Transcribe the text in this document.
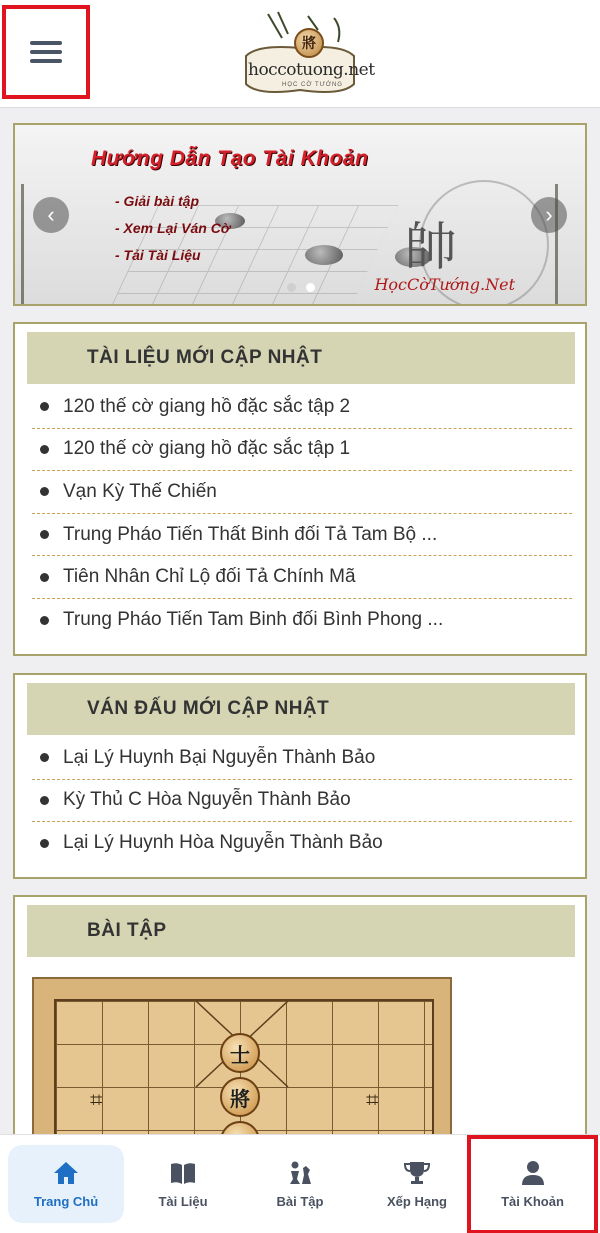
將
hoccotuong.net
HỌC CỜ TƯỚNG
Hướng Dẫn Tạo Tài Khoản
- Giải bài tập
- Xem Lại Ván Cờ
- Tải Tài Liệu	帥
HọcCờTướng.Net
‹	›
TÀI LIỆU MỚI CẬP NHẬT
120 thế cờ giang hồ đặc sắc tập 2
120 thế cờ giang hồ đặc sắc tập 1
Vạn Kỳ Thế Chiến
Trung Pháo Tiến Thất Binh đối Tả Tam Bộ ...
Tiên Nhân Chỉ Lộ đối Tả Chính Mã
Trung Pháo Tiến Tam Binh đối Bình Phong ...
VÁN ĐẤU MỚI CẬP NHẬT
Lại Lý Huynh Bại Nguyễn Thành Bảo
Kỳ Thủ C Hòa Nguyễn Thành Bảo
Lại Lý Huynh Hòa Nguyễn Thành Bảo
BÀI TẬP
⌗	⌗
士
將
Trang Chủ	Tài Liệu	Bài Tập	Xếp Hạng	Tài Khoản
